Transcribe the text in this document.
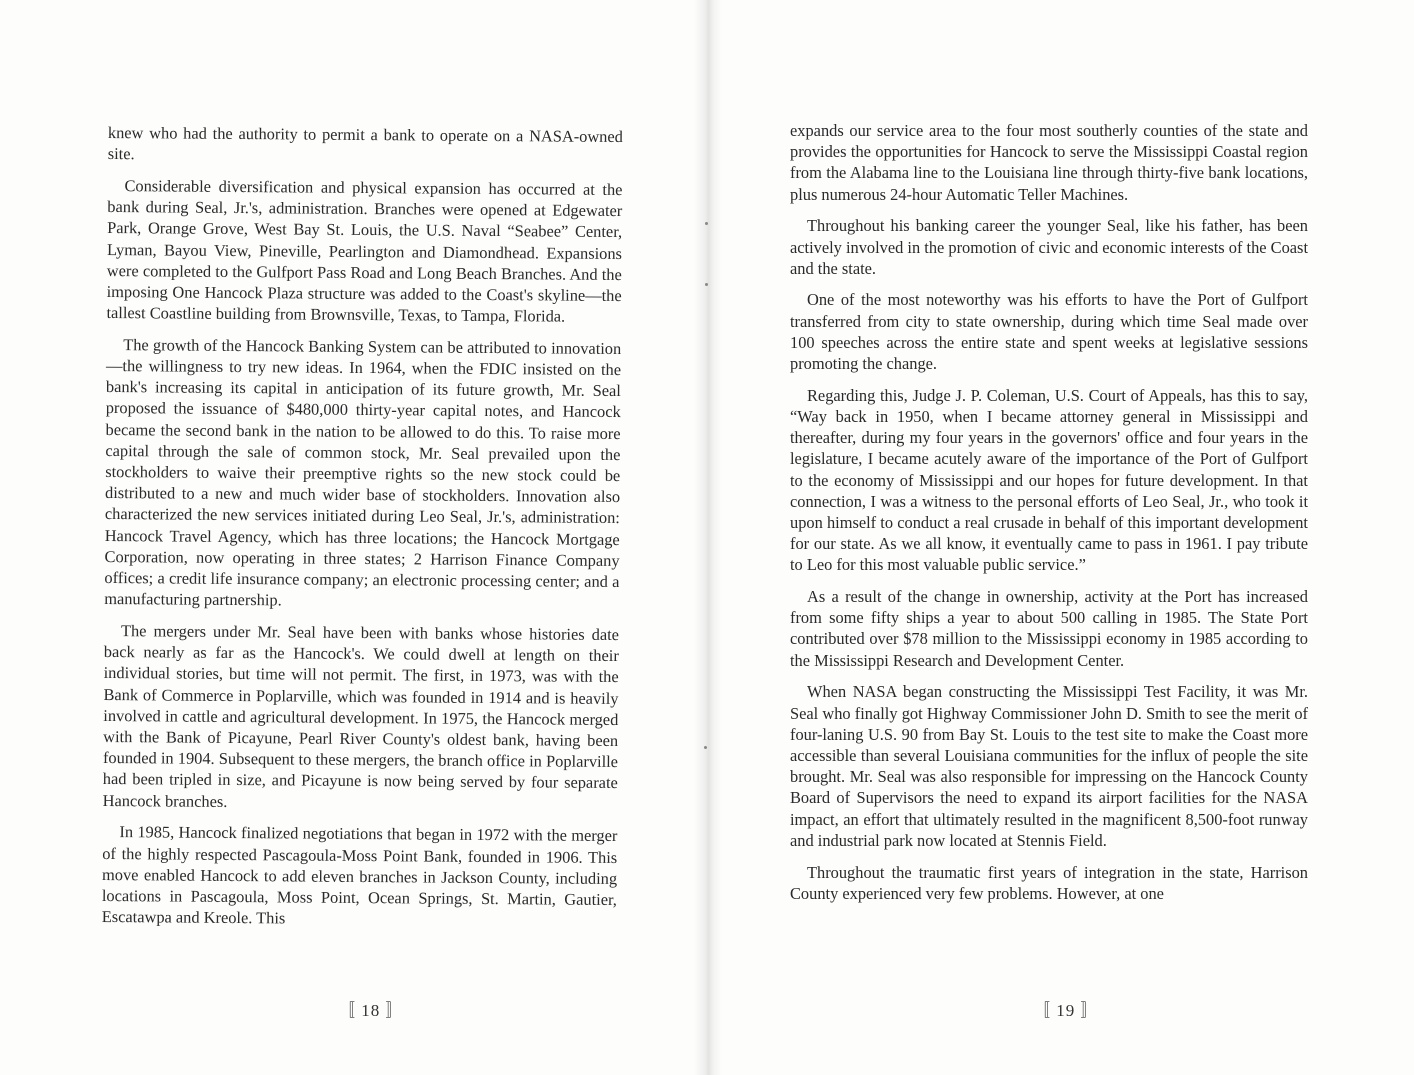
knew who had the authority to permit a bank to operate on a NASA-owned site.

Considerable diversification and physical expansion has occurred at the bank during Seal, Jr.'s, administration. Branches were opened at Edgewater Park, Orange Grove, West Bay St. Louis, the U.S. Naval “Seabee” Center, Lyman, Bayou View, Pineville, Pearlington and Diamondhead. Expansions were completed to the Gulfport Pass Road and Long Beach Branches. And the imposing One Hancock Plaza structure was added to the Coast's skyline—the tallest Coastline building from Brownsville, Texas, to Tampa, Florida.

The growth of the Hancock Banking System can be attributed to innovation—the willingness to try new ideas. In 1964, when the FDIC insisted on the bank's increasing its capital in anticipation of its future growth, Mr. Seal proposed the issuance of $480,000 thirty-year capital notes, and Hancock became the second bank in the nation to be allowed to do this. To raise more capital through the sale of common stock, Mr. Seal prevailed upon the stockholders to waive their preemptive rights so the new stock could be distributed to a new and much wider base of stockholders. Innovation also characterized the new services initiated during Leo Seal, Jr.'s, administration: Hancock Travel Agency, which has three locations; the Hancock Mortgage Corporation, now operating in three states; 2 Harrison Finance Company offices; a credit life insurance company; an electronic processing center; and a manufacturing partnership.

The mergers under Mr. Seal have been with banks whose histories date back nearly as far as the Hancock's. We could dwell at length on their individual stories, but time will not permit. The first, in 1973, was with the Bank of Commerce in Poplarville, which was founded in 1914 and is heavily involved in cattle and agricultural development. In 1975, the Hancock merged with the Bank of Picayune, Pearl River County's oldest bank, having been founded in 1904. Subsequent to these mergers, the branch office in Poplarville had been tripled in size, and Picayune is now being served by four separate Hancock branches.

In 1985, Hancock finalized negotiations that began in 1972 with the merger of the highly respected Pascagoula-Moss Point Bank, founded in 1906. This move enabled Hancock to add eleven branches in Jackson County, including locations in Pascagoula, Moss Point, Ocean Springs, St. Martin, Gautier, Escatawpa and Kreole. This

〚 18 〛

expands our service area to the four most southerly counties of the state and provides the opportunities for Hancock to serve the Mississippi Coastal region from the Alabama line to the Louisiana line through thirty-five bank locations, plus numerous 24-hour Automatic Teller Machines.

Throughout his banking career the younger Seal, like his father, has been actively involved in the promotion of civic and economic interests of the Coast and the state.

One of the most noteworthy was his efforts to have the Port of Gulfport transferred from city to state ownership, during which time Seal made over 100 speeches across the entire state and spent weeks at legislative sessions promoting the change.

Regarding this, Judge J. P. Coleman, U.S. Court of Appeals, has this to say, “Way back in 1950, when I became attorney general in Mississippi and thereafter, during my four years in the governors' office and four years in the legislature, I became acutely aware of the importance of the Port of Gulfport to the economy of Mississippi and our hopes for future development. In that connection, I was a witness to the personal efforts of Leo Seal, Jr., who took it upon himself to conduct a real crusade in behalf of this important development for our state. As we all know, it eventually came to pass in 1961. I pay tribute to Leo for this most valuable public service.”

As a result of the change in ownership, activity at the Port has increased from some fifty ships a year to about 500 calling in 1985. The State Port contributed over $78 million to the Mississippi economy in 1985 according to the Mississippi Research and Development Center.

When NASA began constructing the Mississippi Test Facility, it was Mr. Seal who finally got Highway Commissioner John D. Smith to see the merit of four-laning U.S. 90 from Bay St. Louis to the test site to make the Coast more accessible than several Louisiana communities for the influx of people the site brought. Mr. Seal was also responsible for impressing on the Hancock County Board of Supervisors the need to expand its airport facilities for the NASA impact, an effort that ultimately resulted in the magnificent 8,500-foot runway and industrial park now located at Stennis Field.

Throughout the traumatic first years of integration in the state, Harrison County experienced very few problems. However, at one

〚 19 〛
